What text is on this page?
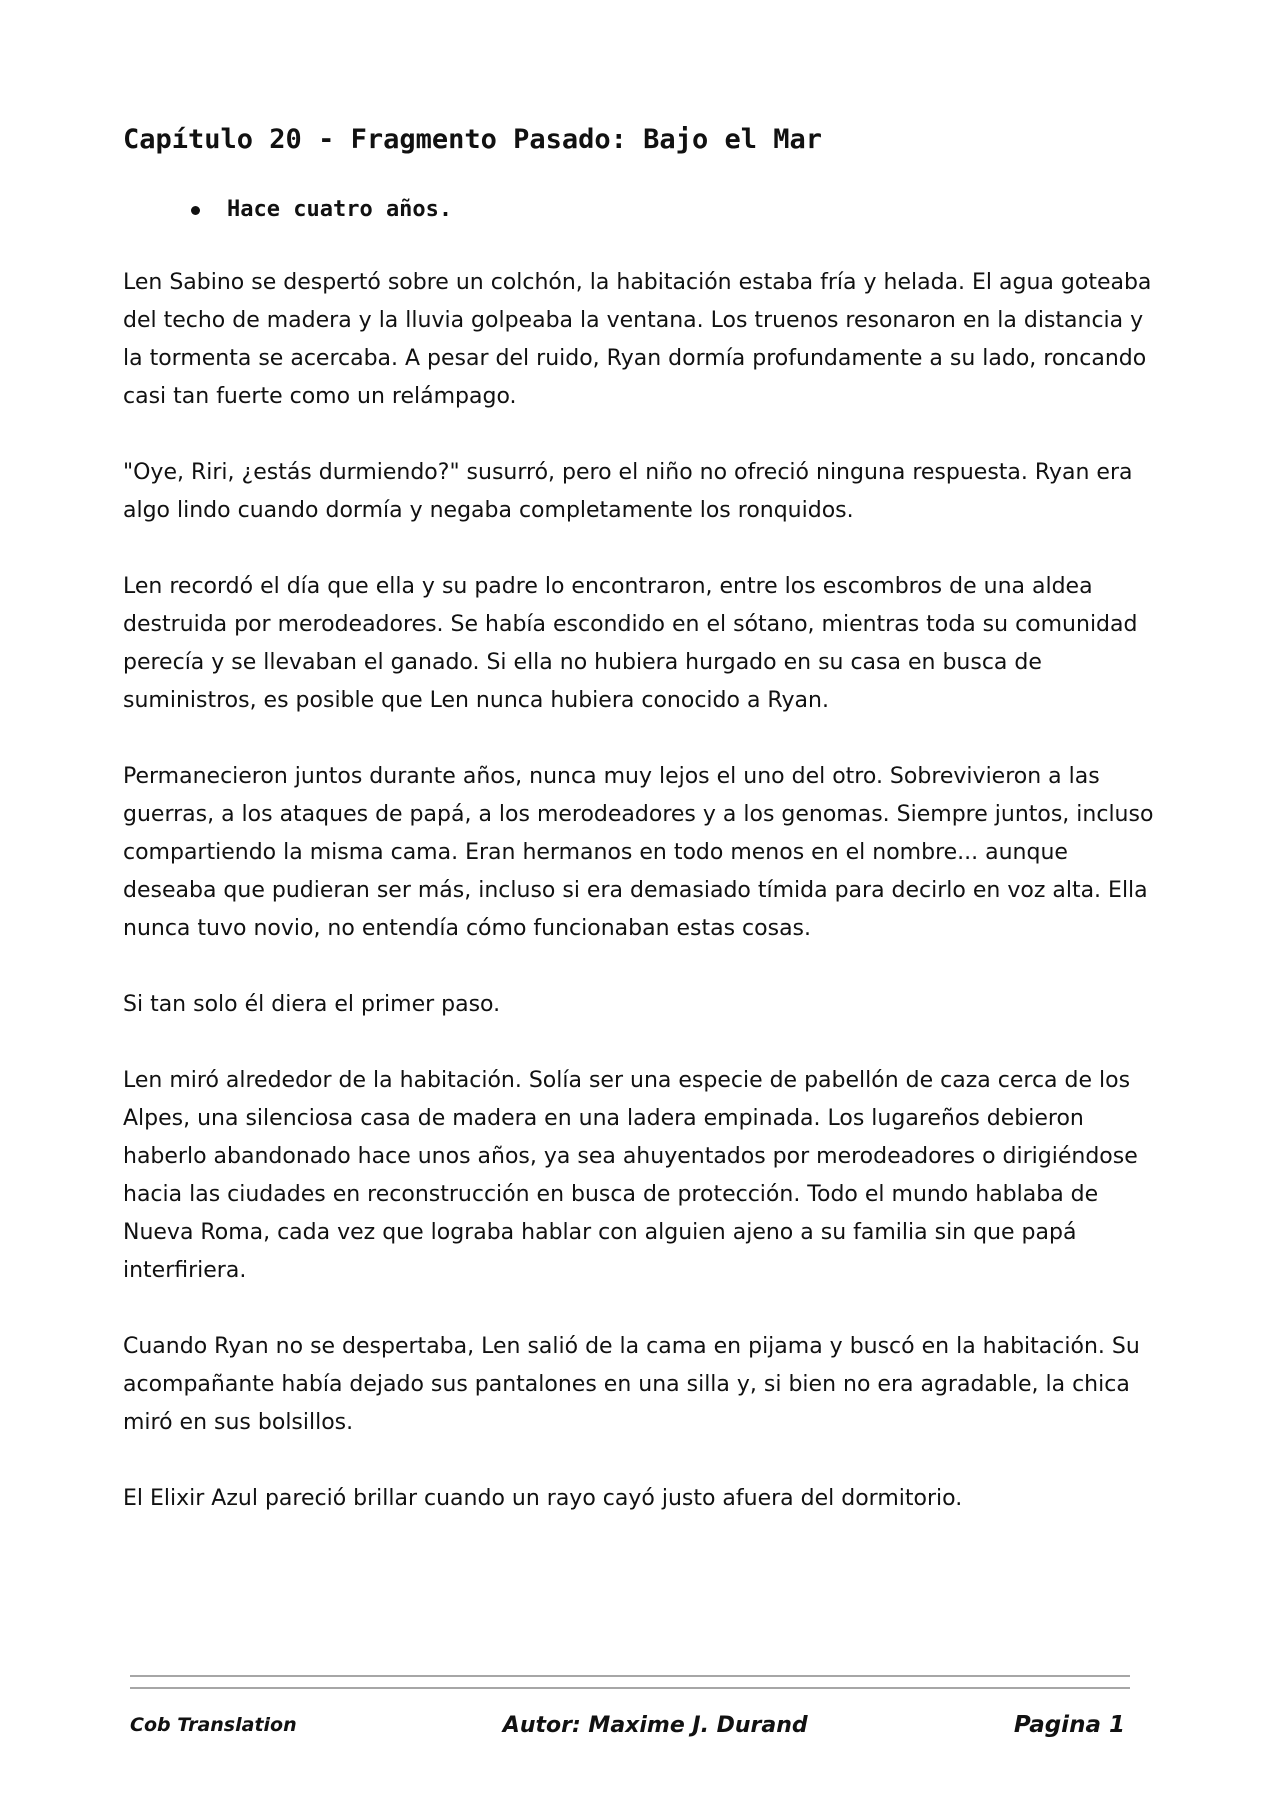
Capítulo 20 - Fragmento Pasado: Bajo el Mar
Hace cuatro años.

Len Sabino se despertó sobre un colchón, la habitación estaba fría y helada. El agua goteaba del techo de madera y la lluvia golpeaba la ventana. Los truenos resonaron en la distancia y la tormenta se acercaba. A pesar del ruido, Ryan dormía profundamente a su lado, roncando casi tan fuerte como un relámpago.

"Oye, Riri, ¿estás durmiendo?" susurró, pero el niño no ofreció ninguna respuesta. Ryan era algo lindo cuando dormía y negaba completamente los ronquidos.

Len recordó el día que ella y su padre lo encontraron, entre los escombros de una aldea destruida por merodeadores. Se había escondido en el sótano, mientras toda su comunidad perecía y se llevaban el ganado. Si ella no hubiera hurgado en su casa en busca de suministros, es posible que Len nunca hubiera conocido a Ryan.

Permanecieron juntos durante años, nunca muy lejos el uno del otro. Sobrevivieron a las guerras, a los ataques de papá, a los merodeadores y a los genomas. Siempre juntos, incluso compartiendo la misma cama. Eran hermanos en todo menos en el nombre... aunque deseaba que pudieran ser más, incluso si era demasiado tímida para decirlo en voz alta. Ella nunca tuvo novio, no entendía cómo funcionaban estas cosas.

Si tan solo él diera el primer paso.

Len miró alrededor de la habitación. Solía ser una especie de pabellón de caza cerca de los Alpes, una silenciosa casa de madera en una ladera empinada. Los lugareños debieron haberlo abandonado hace unos años, ya sea ahuyentados por merodeadores o dirigiéndose hacia las ciudades en reconstrucción en busca de protección. Todo el mundo hablaba de Nueva Roma, cada vez que lograba hablar con alguien ajeno a su familia sin que papá interfiriera.

Cuando Ryan no se despertaba, Len salió de la cama en pijama y buscó en la habitación. Su acompañante había dejado sus pantalones en una silla y, si bien no era agradable, la chica miró en sus bolsillos.

El Elixir Azul pareció brillar cuando un rayo cayó justo afuera del dormitorio.

Cob Translation	Autor: Maxime J. Durand	Pagina 1
